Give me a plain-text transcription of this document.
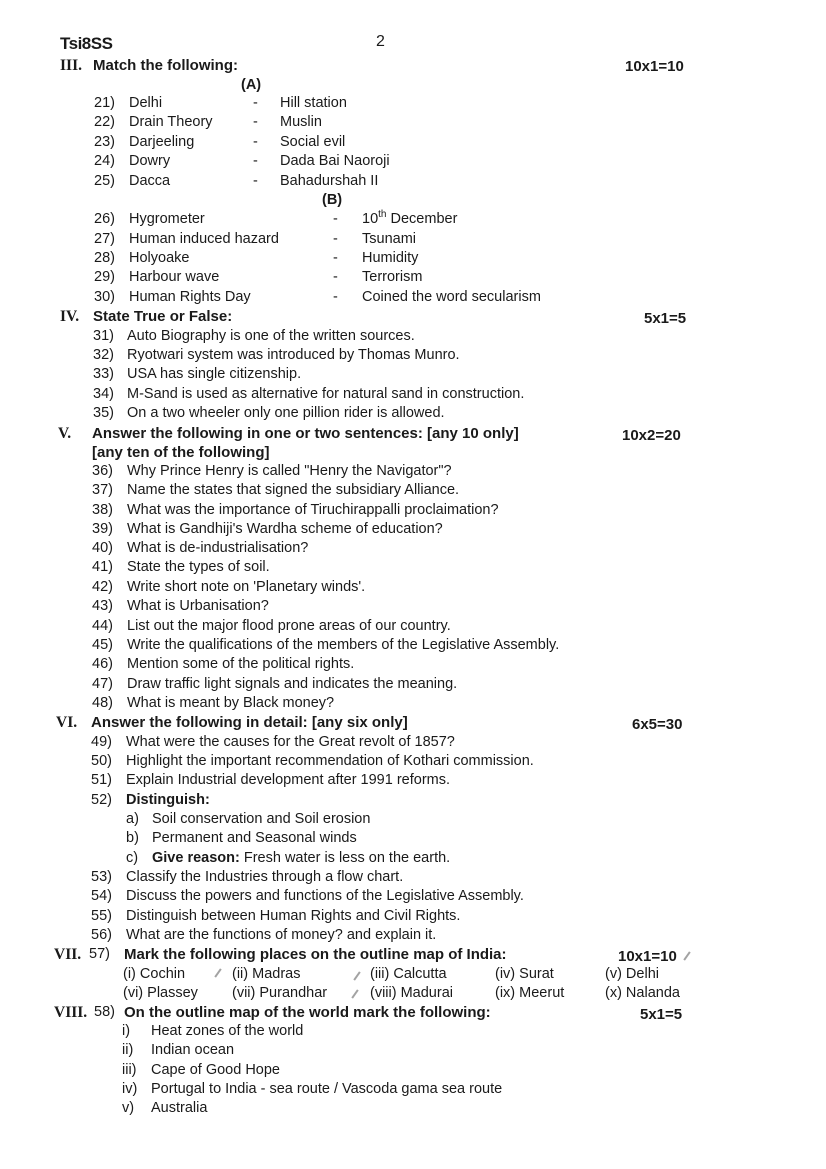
Tsi8SS	2
III. Match the following:	10x1=10
(A)
21) Delhi	- Hill station
22) Drain Theory	- Muslin
23) Darjeeling	- Social evil
24) Dowry	- Dada Bai Naoroji
25) Dacca	- Bahadurshah II
(B)
26) Hygrometer	- 10th December
27) Human induced hazard	- Tsunami
28) Holyoake	- Humidity
29) Harbour wave	- Terrorism
30) Human Rights Day	- Coined the word secularism
IV. State True or False:	5x1=5
31) Auto Biography is one of the written sources.
32) Ryotwari system was introduced by Thomas Munro.
33) USA has single citizenship.
34) M-Sand is used as alternative for natural sand in construction.
35) On a two wheeler only one pillion rider is allowed.
V. Answer the following in one or two sentences: [any 10 only]	10x2=20
[any ten of the following]
36) Why Prince Henry is called "Henry the Navigator"?
37) Name the states that signed the subsidiary Alliance.
38) What was the importance of Tiruchirappalli proclaimation?
39) What is Gandhiji's Wardha scheme of education?
40) What is de-industrialisation?
41) State the types of soil.
42) Write short note on 'Planetary winds'.
43) What is Urbanisation?
44) List out the major flood prone areas of our country.
45) Write the qualifications of the members of the Legislative Assembly.
46) Mention some of the political rights.
47) Draw traffic light signals and indicates the meaning.
48) What is meant by Black money?
VI. Answer the following in detail: [any six only]	6x5=30
49) What were the causes for the Great revolt of 1857?
50) Highlight the important recommendation of Kothari commission.
51) Explain Industrial development after 1991 reforms.
52) Distinguish:
a) Soil conservation and Soil erosion
b) Permanent and Seasonal winds
c) Give reason: Fresh water is less on the earth.
53) Classify the Industries through a flow chart.
54) Discuss the powers and functions of the Legislative Assembly.
55) Distinguish between Human Rights and Civil Rights.
56) What are the functions of money? and explain it.
VII. 57) Mark the following places on the outline map of India:	10x1=10
(i) Cochin	(ii) Madras	(iii) Calcutta	(iv) Surat	(v) Delhi
(vi) Plassey (vii) Purandhar	(viii) Madurai	(ix) Meerut	(x) Nalanda
VIII. 58) On the outline map of the world mark the following:	5x1=5
i) Heat zones of the world
ii) Indian ocean
iii) Cape of Good Hope
iv) Portugal to India - sea route / Vascoda gama sea route
v) Australia
